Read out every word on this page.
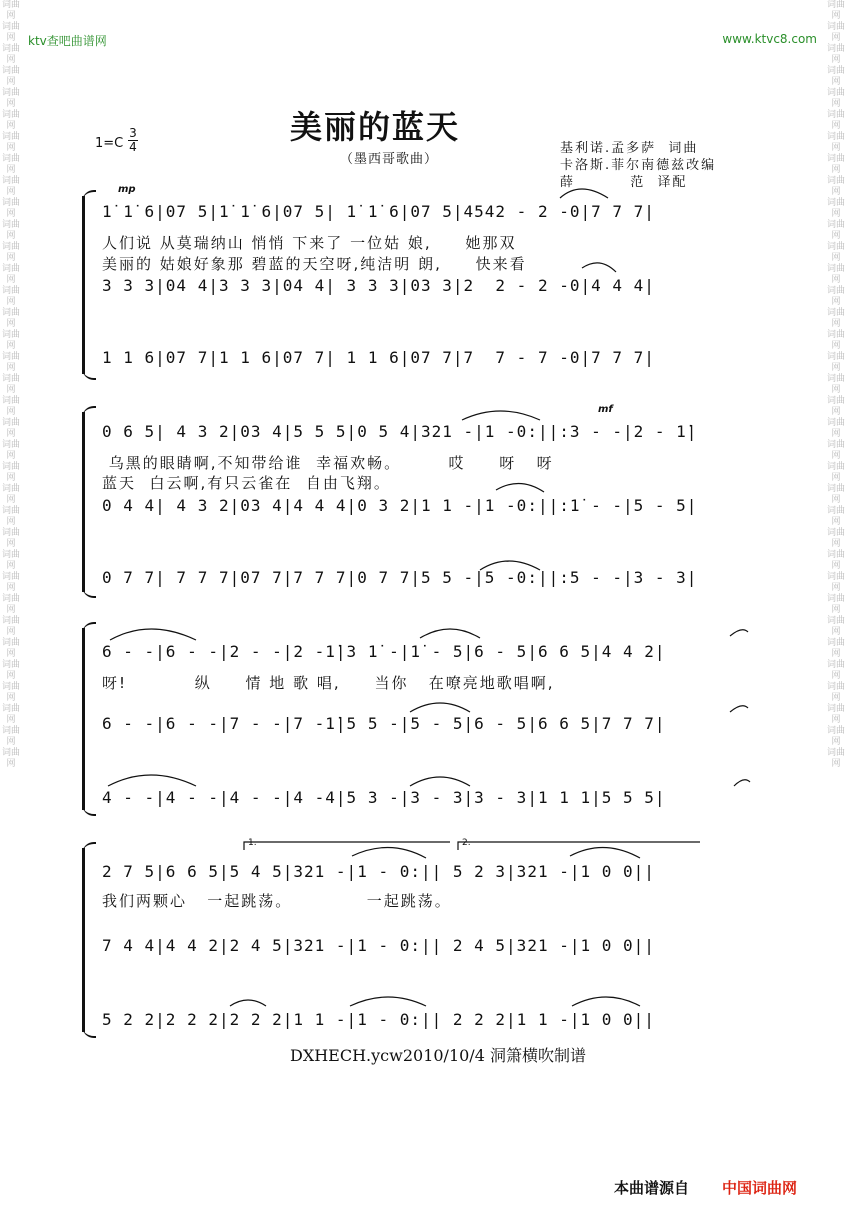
词曲网 词曲网 词曲网 词曲网 词曲网 词曲网 词曲网 词曲网 词曲网 词曲网 词曲网 词曲网 词曲网 词曲网 词曲网 词曲网 词曲网 词曲网 词曲网 词曲网 词曲网 词曲网 词曲网 词曲网 词曲网 词曲网 词曲网 词曲网 词曲网 词曲网 词曲网 词曲网 词曲网 词曲网 词曲网
词曲网 词曲网 词曲网 词曲网 词曲网 词曲网 词曲网 词曲网 词曲网 词曲网 词曲网 词曲网 词曲网 词曲网 词曲网 词曲网 词曲网 词曲网 词曲网 词曲网 词曲网 词曲网 词曲网 词曲网 词曲网 词曲网 词曲网 词曲网 词曲网 词曲网 词曲网 词曲网 词曲网 词曲网 词曲网
ktv查吧曲谱网	www.ktvc8.com
1=C
3
4
美丽的蓝天
（墨西哥歌曲）
基利诺.孟多萨  词曲
卡洛斯.菲尔南德兹改编
薛         范  译配
mp
mf
1̇ 1̇ 6|07 5|1̇ 1̇ 6|07 5| 1̇ 1̇ 6|07 5|4542 - 2 -0|7 7 7|
人们说 从莫瑞纳山 悄悄 下来了 一位姑 娘,     她那双
美丽的 姑娘好象那 碧蓝的天空呀,纯洁明 朗,     快来看
3 3 3|04 4|3 3 3|04 4| 3 3 3|03 3|2  2 - 2 -0|4 4 4|
1 1 6|07 7|1 1 6|07 7| 1 1 6|07 7|7  7 - 7 -0|7 7 7|
0 6 5| 4 3 2|03 4|5 5 5|0 5 4|321 -|1 -0:||:3 - -|2 - 1̇|
乌黑的眼睛啊,不知带给谁  幸福欢畅。       哎     呀   呀
蓝天  白云啊,有只云雀在  自由飞翔。
0 4 4| 4 3 2|03 4|4 4 4|0 3 2|1 1 -|1 -0:||:1̇ - -|5 - 5|
0 7 7| 7 7 7|07 7|7 7 7|0 7 7|5 5 -|5 -0:||:5 - -|3 - 3|
6 - -|6 - -|2 - -|2 -1̇|3 1̇ -|1̇ - 5|6 - 5|6 6 5|4 4 2|
呀!          纵     情 地 歌 唱,     当你   在嘹亮地歌唱啊,
6 - -|6 - -|7 - -|7 -1̇|5 5 -|5 - 5|6 - 5|6 6 5|7 7 7|
4 - -|4 - -|4 - -|4 -4|5 3 -|3 - 3|3 - 3|1 1 1|5 5 5|
2 7 5|6 6 5|5 4 5|321 -|1 - 0:|| 5 2 3|321 -|1 0 0||
我们两颗心   一起跳荡。           一起跳荡。
7 4 4|4 4 2|2 4 5|321 -|1 - 0:|| 2 4 5|321 -|1 0 0||
5 2 2|2 2 2|2 2 2|1 1 -|1 - 0:|| 2 2 2|1 1 -|1 0 0||
1.	2.
DXHECH.ycw2010/10/4 洞箫横吹制谱
本曲谱源自 中国词曲网
